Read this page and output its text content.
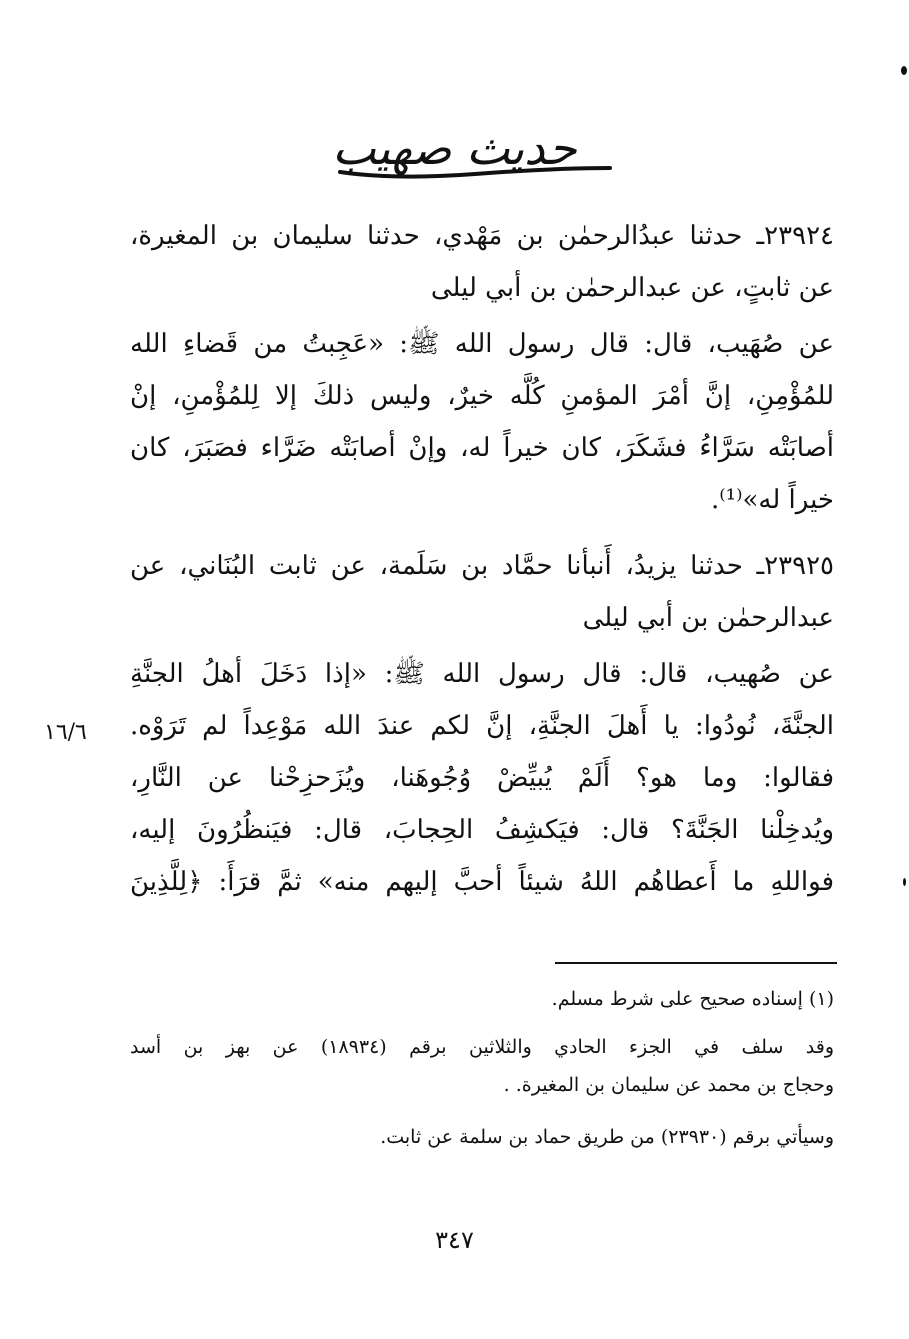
حديث صهيب
٢٣٩٢٤ـ حدثنا عبدُالرحمٰن بن مَهْدي، حدثنا سليمان بن المغيرة،
عن ثابتٍ، عن عبدالرحمٰن بن أبي ليلى
عن صُهَيب، قال: قال رسول الله ﷺ: «عَجِبتُ من قَضاءِ الله
للمُؤْمِنِ، إنَّ أمْرَ المؤمنِ كُلَّه خيرٌ، وليس ذلكَ إلا لِلمُؤْمنِ، إنْ
أصابَتْه سَرَّاءُ فشَكَرَ، كان خيراً له، وإنْ أصابَتْه ضَرَّاء فصَبَرَ، كان
خيراً له»⁽¹⁾.
٢٣٩٢٥ـ حدثنا يزيدُ، أَنبأنا حمَّاد بن سَلَمة، عن ثابت البُنَاني، عن
عبدالرحمٰن بن أبي ليلى
عن صُهيب، قال: قال رسول الله ﷺ: «إذا دَخَلَ أهلُ الجنَّةِ
الجنَّةَ، نُودُوا: يا أَهلَ الجنَّةِ، إنَّ لكم عندَ الله مَوْعِداً لم تَرَوْه.
فقالوا: وما هو؟ أَلَمْ يُبيِّضْ وُجُوهَنا، ويُزَحزِحْنا عن النَّارِ،
ويُدخِلْنا الجَنَّةَ؟ قال: فيَكشِفُ الحِجابَ، قال: فيَنظُرُونَ إليه،
فواللهِ ما أَعطاهُم اللهُ شيئاً أحبَّ إليهم منه» ثمَّ قرَأَ: ﴿لِلَّذِينَ
١٦/٦
(١) إسناده صحيح على شرط مسلم.
وقد سلف في الجزء الحادي والثلاثين برقم (١٨٩٣٤) عن بهز بن أسد
وحجاج بن محمد عن سليمان بن المغيرة. .
وسيأتي برقم (٢٣٩٣٠) من طريق حماد بن سلمة عن ثابت.
٣٤٧
